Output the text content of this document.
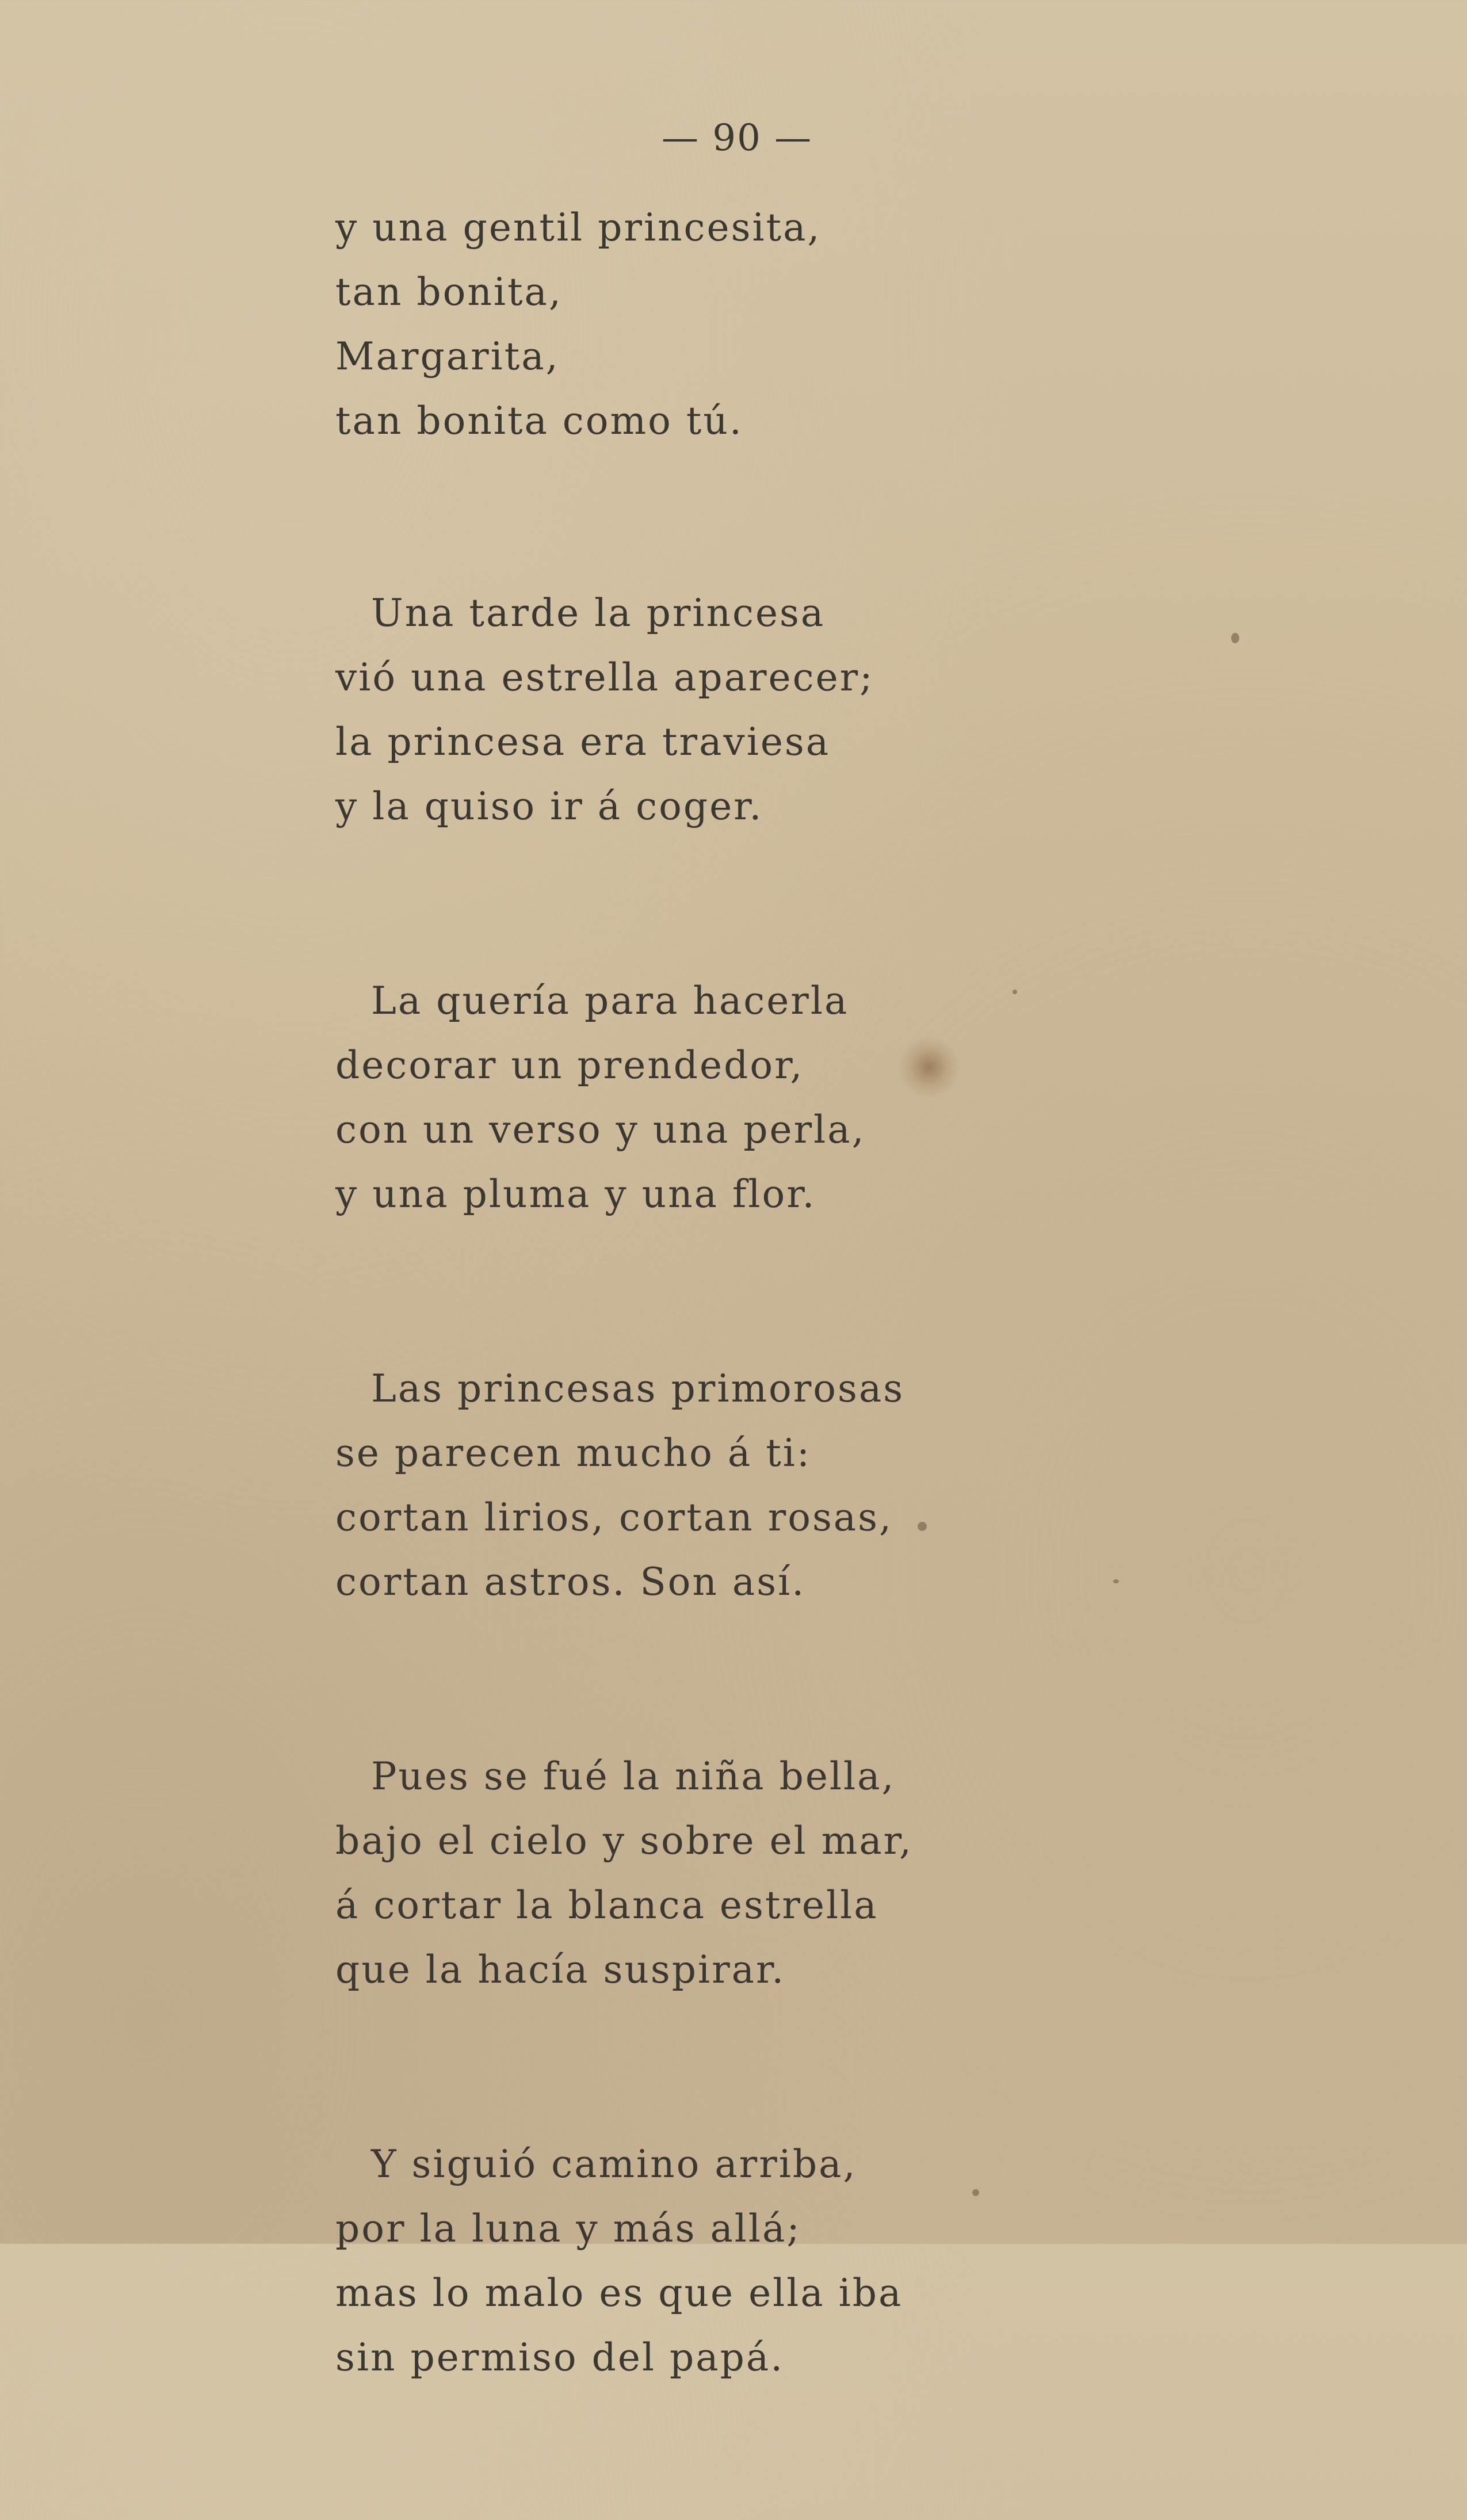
— 90 —
y una gentil princesita,
tan bonita,
Margarita,
tan bonita como tú.
Una tarde la princesa
vió una estrella aparecer;
la princesa era traviesa
y la quiso ir á coger.
La quería para hacerla
decorar un prendedor,
con un verso y una perla,
y una pluma y una flor.
Las princesas primorosas
se parecen mucho á ti:
cortan lirios, cortan rosas,
cortan astros. Son así.
Pues se fué la niña bella,
bajo el cielo y sobre el mar,
á cortar la blanca estrella
que la hacía suspirar.
Y siguió camino arriba,
por la luna y más allá;
mas lo malo es que ella iba
sin permiso del papá.
